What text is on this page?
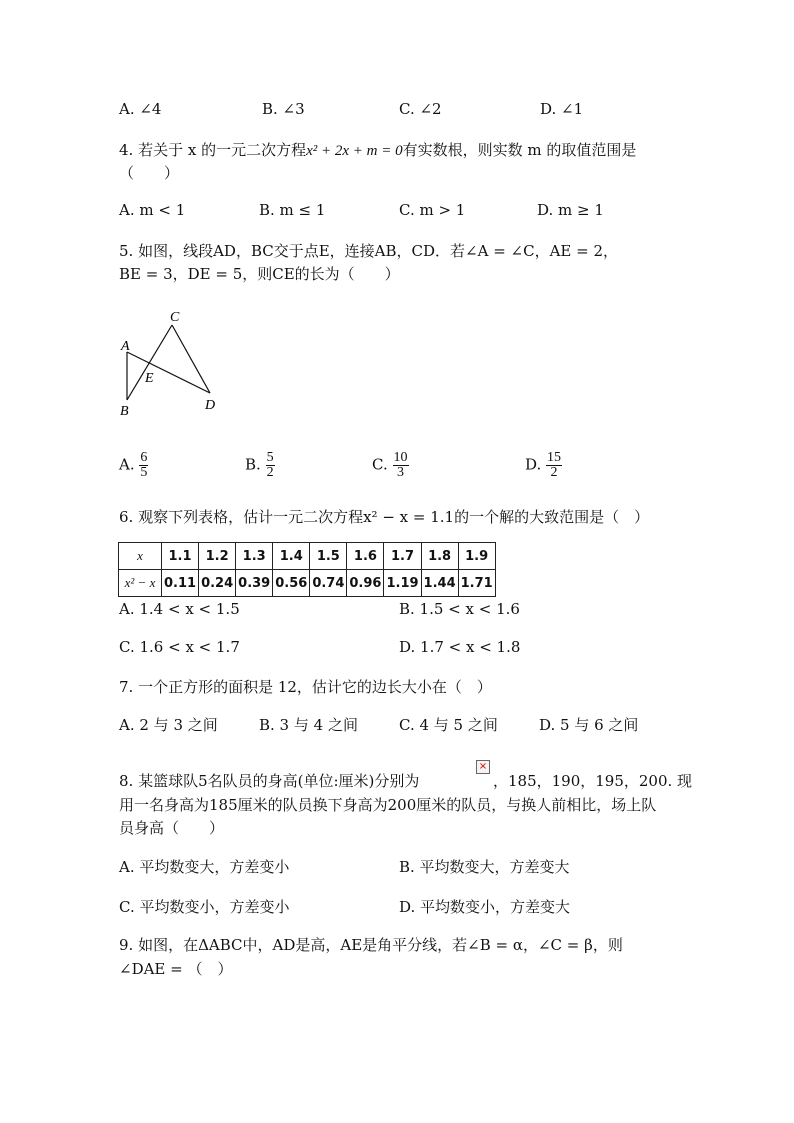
A. ∠4	B. ∠3	C. ∠2	D. ∠1
4. 若关于 x 的一元二次方程x² + 2x + m = 0有实数根，则实数 m 的取值范围是
（　　）
A. m < 1	B. m ≤ 1	C. m > 1	D. m ≥ 1
5. 如图，线段AD，BC交于点E，连接AB，CD．若∠A = ∠C，AE = 2，
BE = 3，DE = 5，则CE的长为（　　）
A
B
C
D
E
A. $\frac{6}{5}$	B. $\frac{5}{2}$	C. $\frac{10}{3}$	D. $\frac{15}{2}$
6. 观察下列表格，估计一元二次方程x² − x = 1.1的一个解的大致范围是（　）
x	1.1	1.2	1.3	1.4	1.5	1.6	1.7	1.8	1.9
x² − x	0.11	0.24	0.39	0.56	0.74	0.96	1.19	1.44	1.71
A. 1.4 < x < 1.5	B. 1.5 < x < 1.6
C. 1.6 < x < 1.7	D. 1.7 < x < 1.8
7. 一个正方形的面积是 12，估计它的边长大小在（　）
A. 2 与 3 之间	B. 3 与 4 之间	C. 4 与 5 之间	D. 5 与 6 之间
8. 某篮球队5名队员的身高(单位:厘米)分别为
×
，185，190，195，200. 现
用一名身高为185厘米的队员换下身高为200厘米的队员，与换人前相比，场上队
员身高（　　）
A. 平均数变大，方差变小	B. 平均数变大，方差变大
C. 平均数变小，方差变小	D. 平均数变小，方差变大
9. 如图，在ΔABC中，AD是高，AE是角平分线，若∠B = α，∠C = β，则
∠DAE = （　）
